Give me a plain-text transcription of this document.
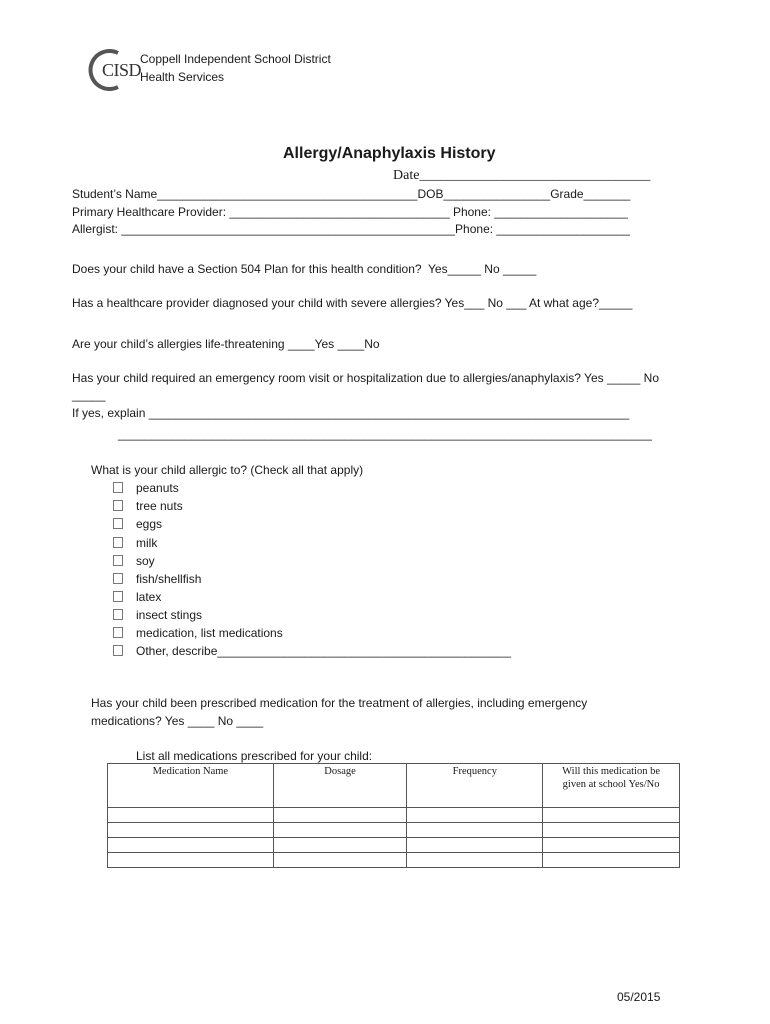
CISD
Coppell Independent School District
Health Services
Allergy/Anaphylaxis History
Date_________________________________
Student’s Name_______________________________________DOB________________Grade_______
Primary Healthcare Provider: _________________________________ Phone: ____________________
Allergist: __________________________________________________Phone: ____________________
Does your child have a Section 504 Plan for this health condition?  Yes_____ No _____
Has a healthcare provider diagnosed your child with severe allergies? Yes___ No ___ At what age?_____
Are your child’s allergies life-threatening ____Yes ____No
Has your child required an emergency room visit or hospitalization due to allergies/anaphylaxis? Yes _____ No
_____
If yes, explain ________________________________________________________________________
________________________________________________________________________________
What is your child allergic to? (Check all that apply)
peanuts
tree nuts
eggs
milk
soy
fish/shellfish
latex
insect stings
medication, list medications
Other, describe____________________________________________
Has your child been prescribed medication for the treatment of allergies, including emergency
medications? Yes ____ No ____
List all medications prescribed for your child:
Medication Name	Dosage	Frequency	Will this medication be given at school Yes/No

05/2015
